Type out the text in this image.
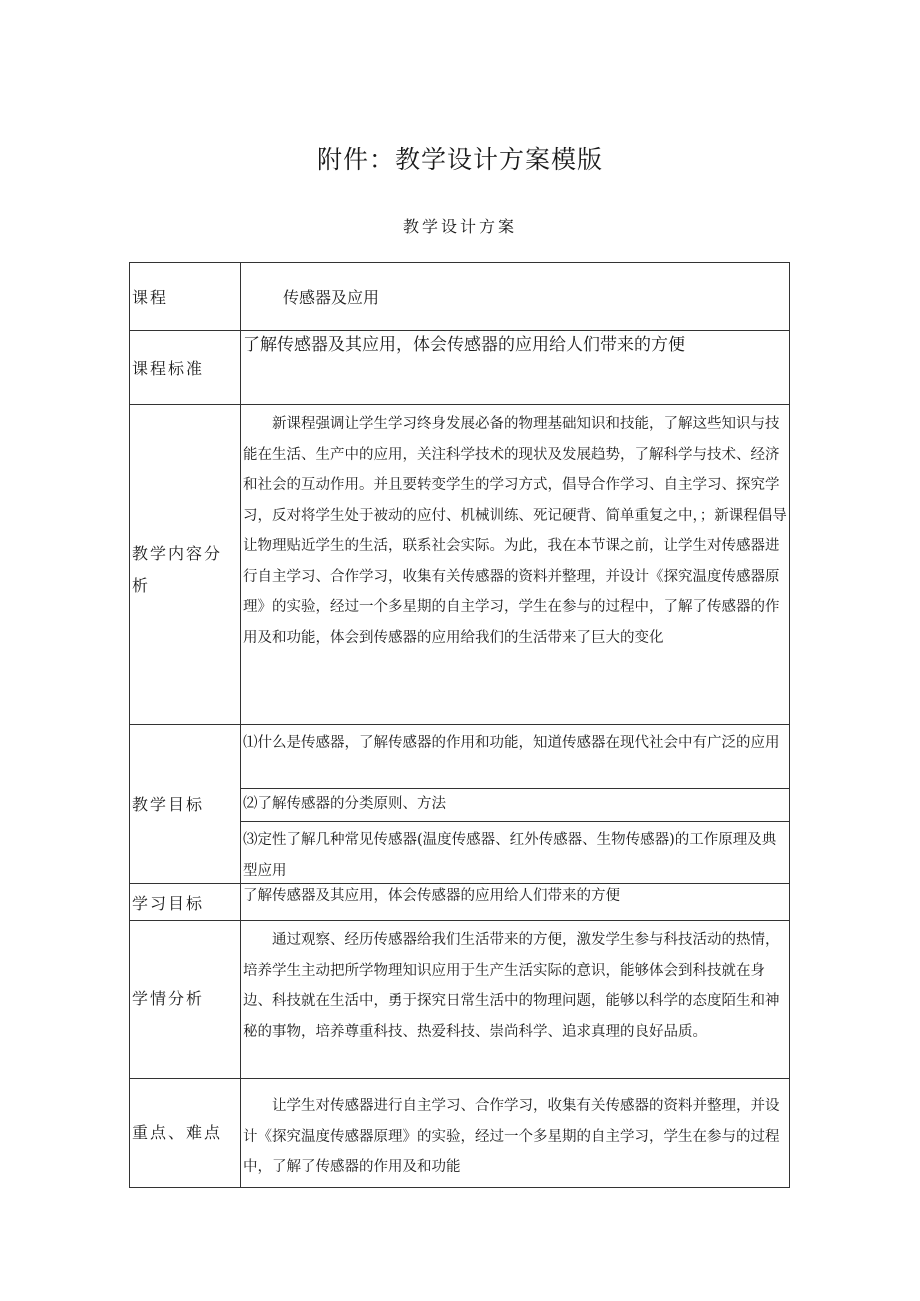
附件：教学设计方案模版
教学设计方案
课程	传感器及应用
课程标准
了解传感器及其应用，体会传感器的应用给人们带来的方便
教学内容分
析

新课程强调让学生学习终身发展必备的物理基础知识和技能，了解这些知识与技能在生活、生产中的应用，关注科学技术的现状及发展趋势，了解科学与技术、经济和社会的互动作用。并且要转变学生的学习方式，倡导合作学习、自主学习、探究学习，反对将学生处于被动的应付、机械训练、死记硬背、简单重复之中，；新课程倡导让物理贴近学生的生活，联系社会实际。为此，我在本节课之前，让学生对传感器进行自主学习、合作学习，收集有关传感器的资料并整理，并设计《探究温度传感器原理》的实验，经过一个多星期的自主学习，学生在参与的过程中，了解了传感器的作用及和功能，体会到传感器的应用给我们的生活带来了巨大的变化

教学目标
⑴什么是传感器，了解传感器的作用和功能，知道传感器在现代社会中有广泛的应用
⑵了解传感器的分类原则、方法
⑶定性了解几种常见传感器(温度传感器、红外传感器、生物传感器)的工作原理及典型应用
学习目标	了解传感器及其应用，体会传感器的应用给人们带来的方便
学情分析

通过观察、经历传感器给我们生活带来的方便，激发学生参与科技活动的热情，培养学生主动把所学物理知识应用于生产生活实际的意识，能够体会到科技就在身边、科技就在生活中，勇于探究日常生活中的物理问题，能够以科学的态度陌生和神秘的事物，培养尊重科技、热爱科技、崇尚科学、追求真理的良好品质。

重点、难点

让学生对传感器进行自主学习、合作学习，收集有关传感器的资料并整理，并设计《探究温度传感器原理》的实验，经过一个多星期的自主学习，学生在参与的过程中，了解了传感器的作用及和功能
